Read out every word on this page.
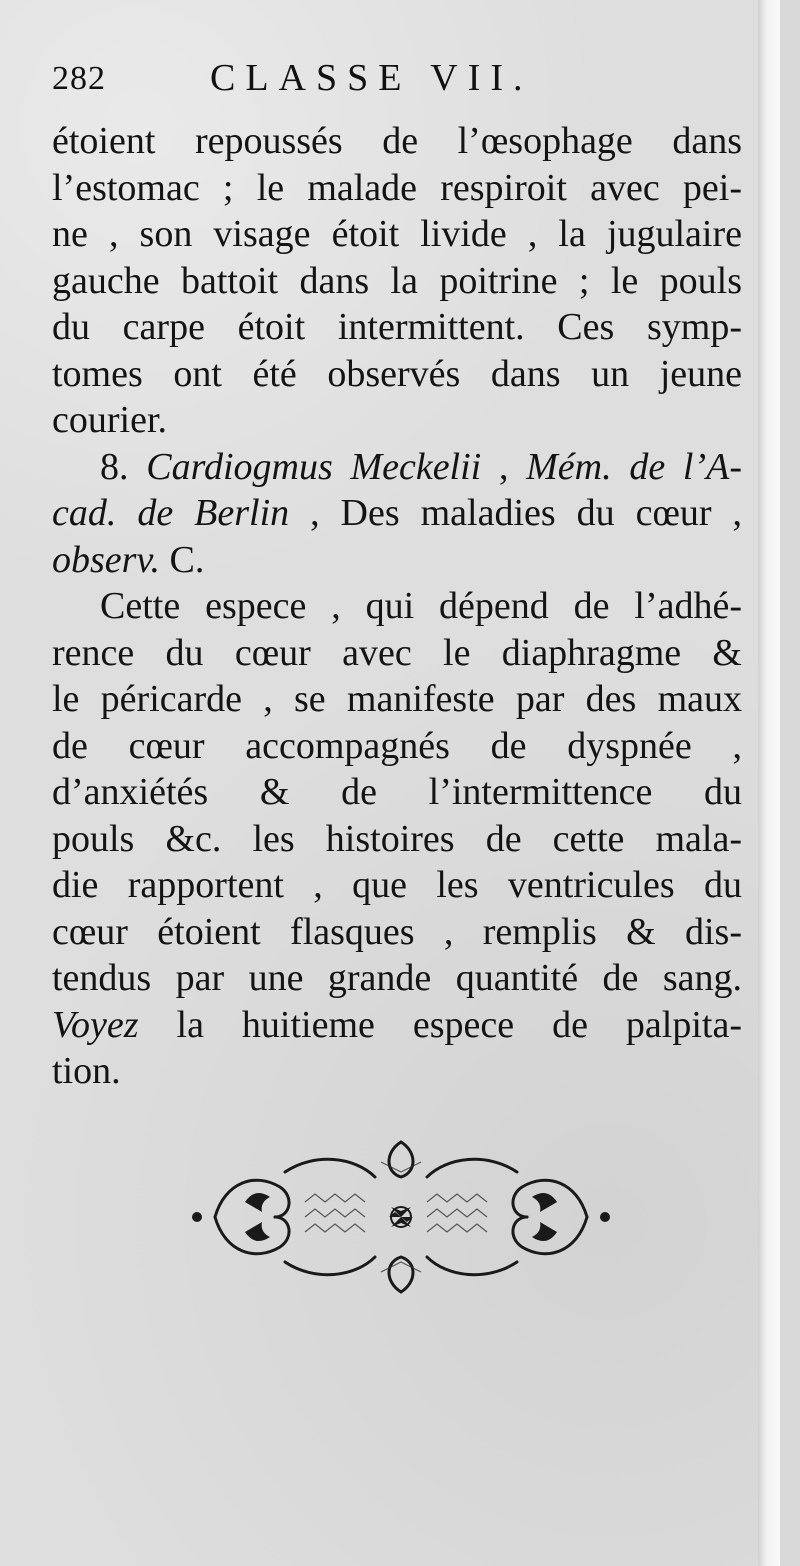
282	CLASSE VII.
étoient repoussés de l’œsophage dans
l’estomac ; le malade respiroit avec pei-
ne , son visage étoit livide , la jugulaire
gauche battoit dans la poitrine ; le pouls
du carpe étoit intermittent. Ces symp-
tomes ont été observés dans un jeune
courier.
8. Cardiogmus Meckelii , Mém. de l’A-
cad. de Berlin , Des maladies du cœur ,
observ. C.
Cette espece , qui dépend de l’adhé-
rence du cœur avec le diaphragme &
le péricarde , se manifeste par des maux
de cœur accompagnés de dyspnée ,
d’anxiétés & de l’intermittence du
pouls &c. les histoires de cette mala-
die rapportent , que les ventricules du
cœur étoient flasques , remplis & dis-
tendus par une grande quantité de sang.
Voyez la huitieme espece de palpita-
tion.
